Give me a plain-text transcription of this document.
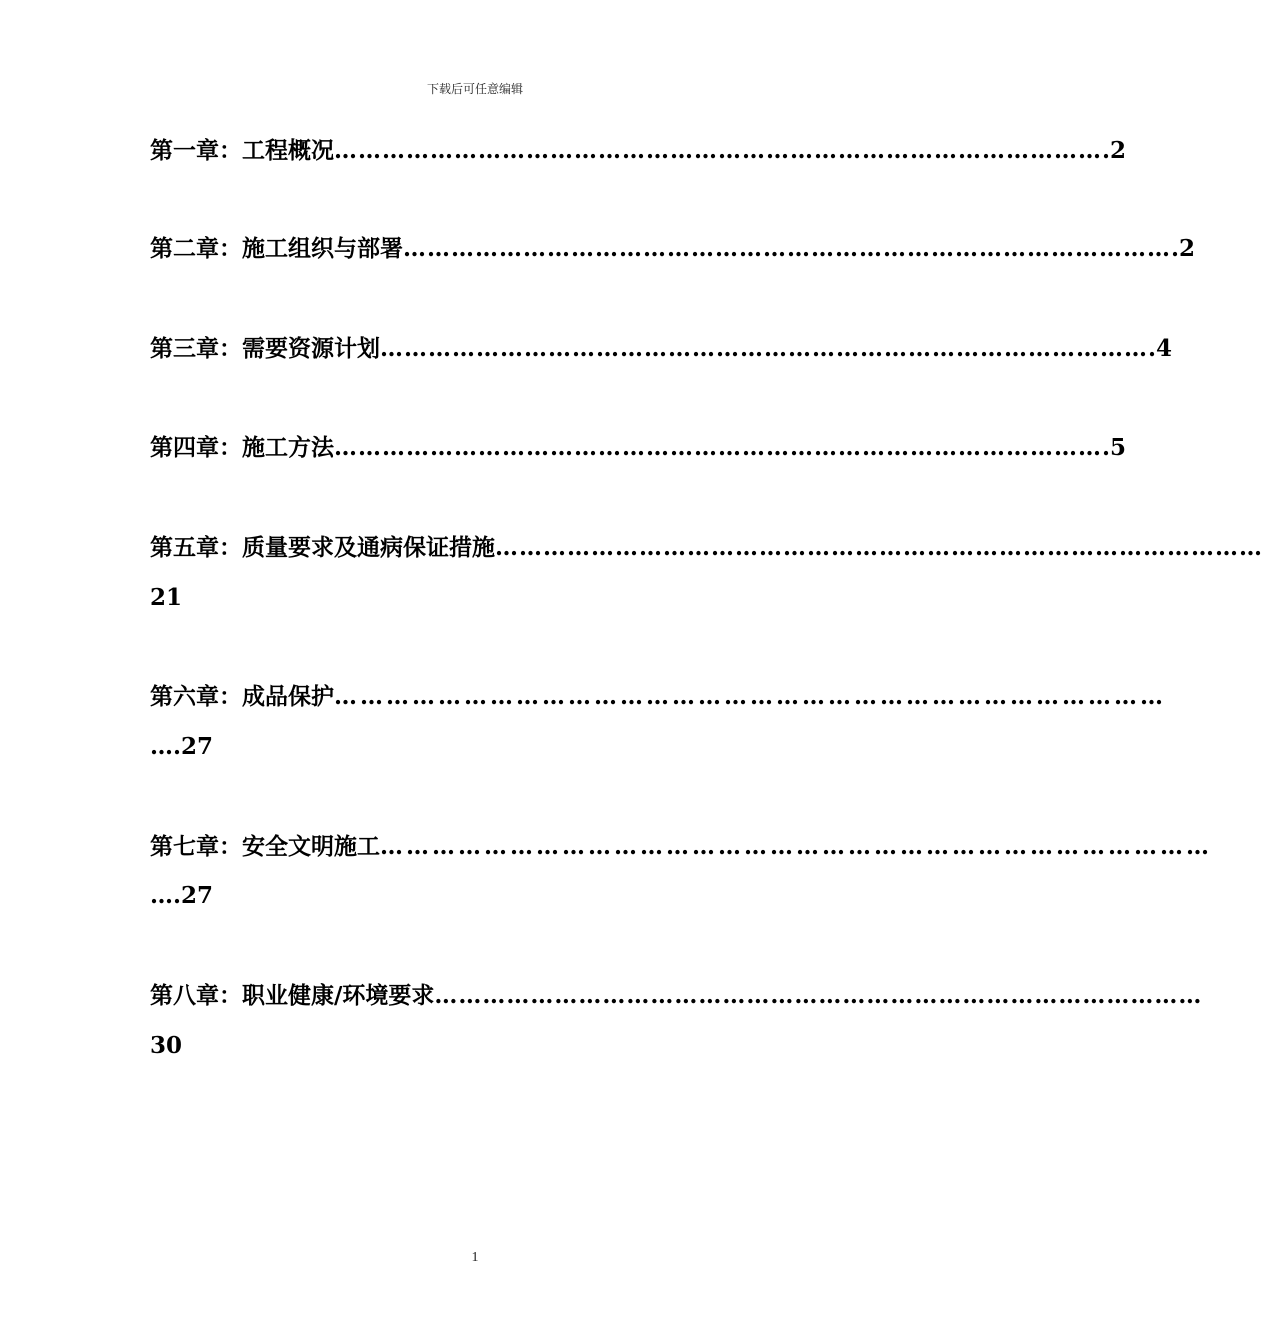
下载后可任意编辑
第一章：工程概况 …………………………………………………………………………………… .2
第二章：施工组织与部署 …………………………………………………………………………………… .2
第三章：需要资源计划 …………………………………………………………………………………… .4
第四章：施工方法 …………………………………………………………………………………… .5
第五章：质量要求及通病保证措施 ……………………………………………………………………………………
21
第六章：成品保护 ……………………………………………………………………………………
….27
第七章：安全文明施工 ……………………………………………………………………………………
….27
第八章：职业健康/环境要求 ……………………………………………………………………………………
30
1
